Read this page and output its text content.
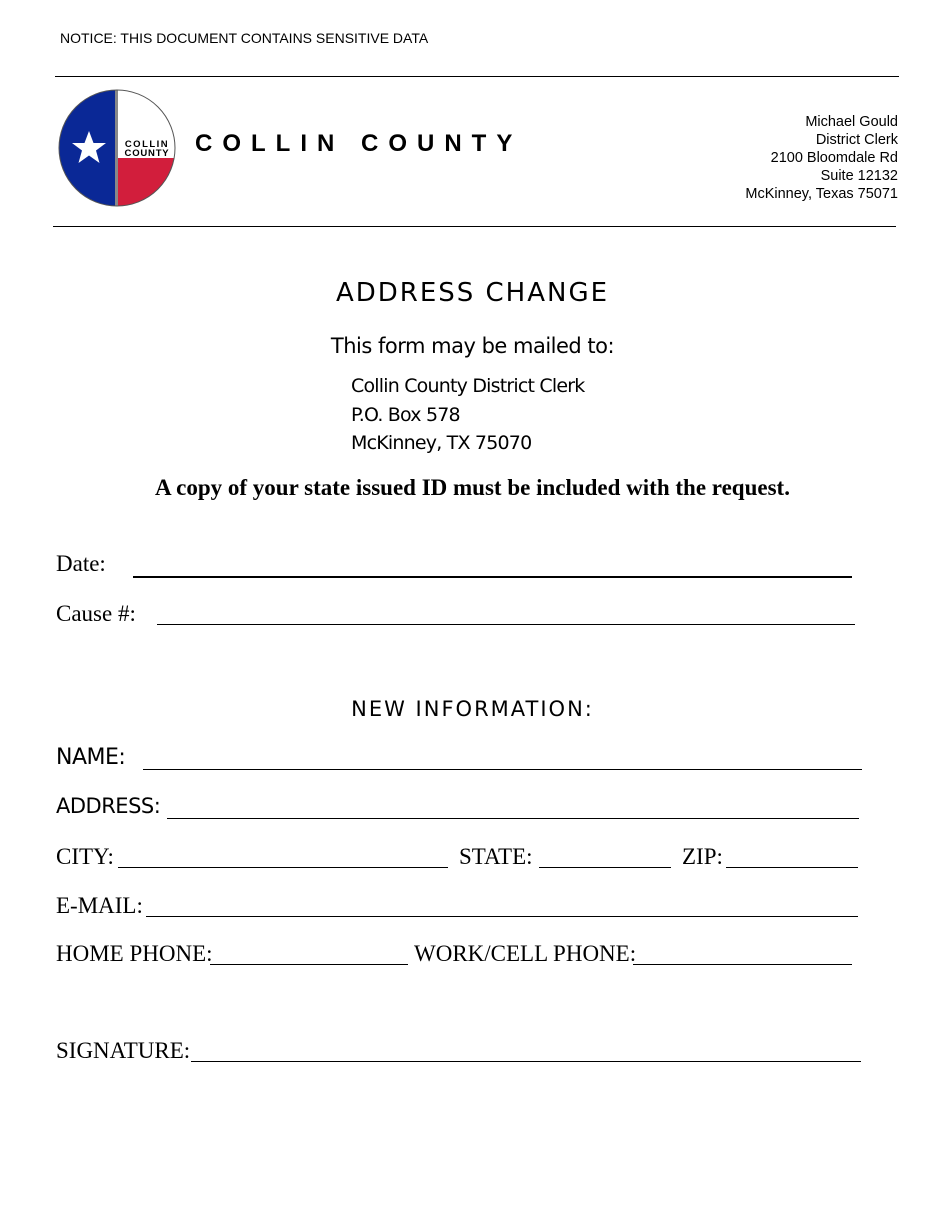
NOTICE: THIS DOCUMENT CONTAINS SENSITIVE DATA
COLLIN
COUNTY COLLIN COUNTY
Michael Gould
District Clerk
2100 Bloomdale Rd
Suite 12132
McKinney, Texas 75071
ADDRESS CHANGE
This form may be mailed to:
Collin County District Clerk
P.O. Box 578
McKinney, TX 75070
A copy of your state issued ID must be included with the request.
Date:
Cause #:
NEW INFORMATION:
NAME:
ADDRESS:
CITY:	STATE:	ZIP:
E-MAIL:
HOME PHONE:	WORK/CELL PHONE:
SIGNATURE:
